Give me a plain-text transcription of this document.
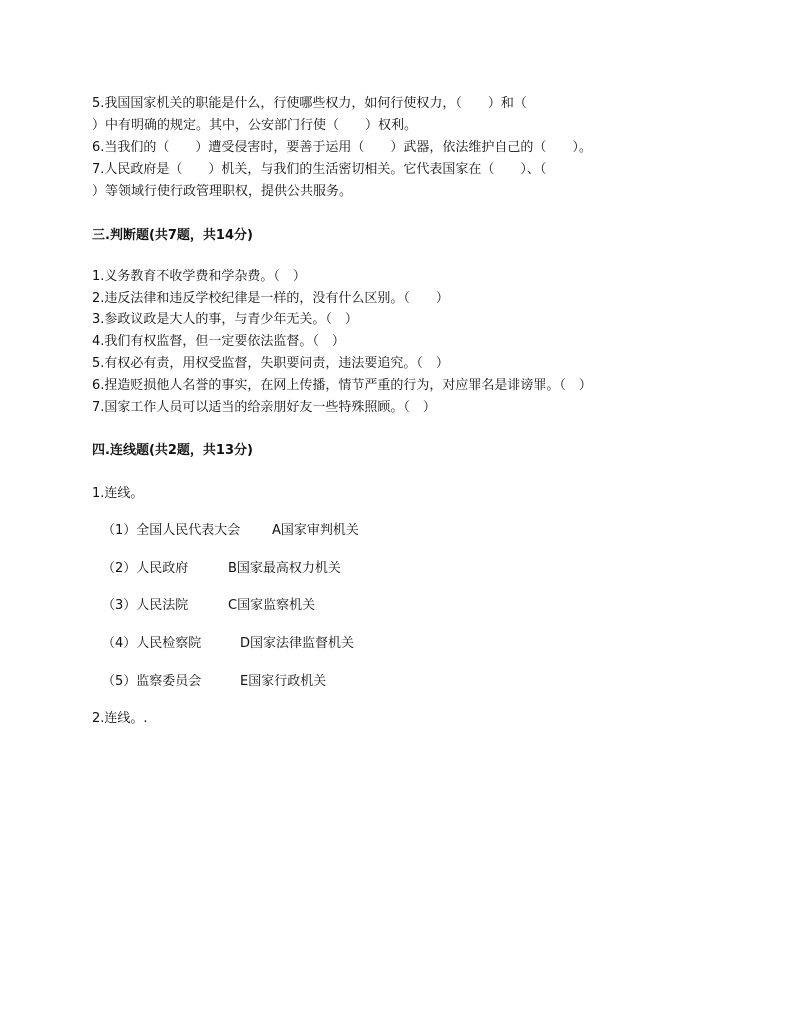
5.我国国家机关的职能是什么，行使哪些权力，如何行使权力，（　　）和（
）中有明确的规定。其中，公安部门行使（　　）权利。
6.当我们的（　　）遭受侵害时，要善于运用（　　）武器，依法维护自己的（　　）。
7.人民政府是（　　）机关，与我们的生活密切相关。它代表国家在（　　）、（
）等领域行使行政管理职权，提供公共服务。
三.判断题(共7题，共14分)
1.义务教育不收学费和学杂费。（　）
2.违反法律和违反学校纪律是一样的，没有什么区别。（　　）
3.参政议政是大人的事，与青少年无关。（　）
4.我们有权监督，但一定要依法监督。（　）
5.有权必有责，用权受监督，失职要问责，违法要追究。（　）
6.捏造贬损他人名誉的事实，在网上传播，情节严重的行为，对应罪名是诽谤罪。（　）
7.国家工作人员可以适当的给亲朋好友一些特殊照顾。（　）
四.连线题(共2题，共13分)
1.连线。
（1）全国人民代表大会 A国家审判机关
（2）人民政府	B国家最高权力机关
（3）人民法院	C国家监察机关
（4）人民检察院	D国家法律监督机关
（5）监察委员会	E国家行政机关
2.连线。.
